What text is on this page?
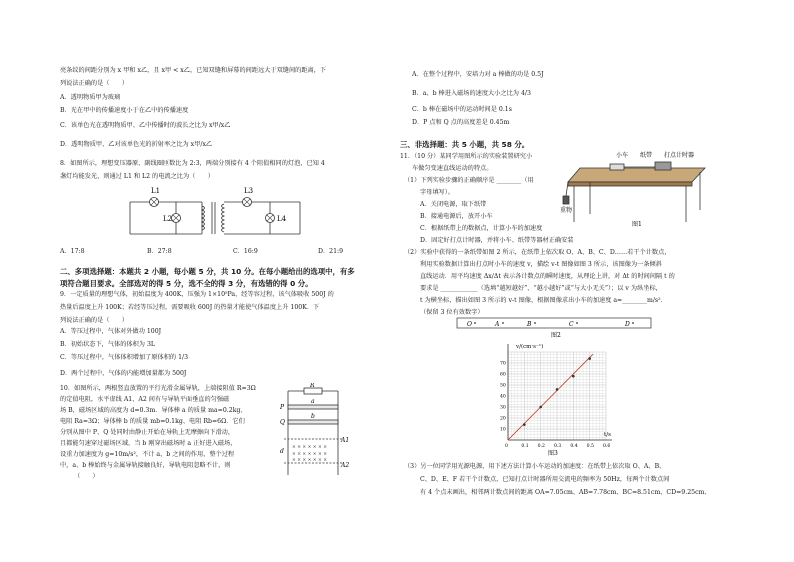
亮条纹的间距分别为 x 甲和 x乙，且 x甲 < x乙，已知双缝和屏幕的间距远大于双缝间的距离，下
列说法正确的是（　　）
A．透明物质甲为玻璃
B．光在甲中的传播速度小于在乙中的传播速度
C．该单色光在透明物质甲、乙中传播时的波长之比为 x甲/x乙
D．透明物质甲、乙对该单色光的折射率之比为 x甲/x乙
8．如图所示，理想变压器原、副线圈匝数比为 2:3，两端分别接有 4 个阻值相同的灯泡，已知 4
盏灯均能发光，则通过 L1 和 L2 的电流之比为（　　）
L1
L2
L3
L4
A．17:8	B．27:8	C．16:9	D．21:9
二、多项选择题：本题共 2 小题，每小题 5 分，共 10 分。在每小题给出的选项中，有多
项符合题目要求。全部选对的得 5 分，选不全的得 3 分，有选错的得 0 分。
9．一定质量的理想气体，初始温度为 400K，压强为 1×10⁵Pa，经等容过程，该气体吸收 500J 的
热量后温度上升 100K；若经等压过程，需要吸收 600J 的热量才能使气体温度上升 100K．下
列说法正确的是（　　）
A．等压过程中，气体对外做功 100J
B．初始状态下，气体的体积为 3L
C．等压过程中，气体体积增加了原体积的 1/3
D．两个过程中，气体的内能增加量都为 500J
10．如图所示，两根竖直放置的平行光滑金属导轨，上端接阻值 R=3Ω
的定值电阻，水平虚线 A1、A2 间有与导轨平面垂直的匀强磁
场 B，磁场区域的高度为 d=0.3m．导体棒 a 的质量 ma=0.2kg、
电阻 Ra=3Ω；导体棒 b 的质量 mb=0.1kg、电阻 Rb=6Ω．它们
分别从图中 P、Q 处同时由静止开始在导轨上无摩擦向下滑动，
且都能匀速穿过磁场区域，当 b 刚穿出磁场时 a 正好进入磁场，
设重力加速度为 g=10m/s²，不计 a、b 之间的作用，整个过程
中，a、b 棒始终与金属导轨接触良好，导轨电阻忽略不计，则
（　　）
× × × × × × ×
× × × × × × ×
× × × × × × ×
R
P
a
Q
b
A1
A2
d
A．在整个过程中，安培力对 a 棒做的功是 0.5J
B．a、b 棒进入磁场的速度大小之比为 4/3
C．b 棒在磁场中的运动时间是 0.1s
D．P 点和 Q 点的高度差是 0.45m
三、非选择题：共 5 小题，共 58 分。
11．（10 分）某同学用图所示的实验装置研究小
车做匀变速直线运动的特点。
（1）下列实验步骤的正确顺序是 ________（用
字母填写）。
A．关闭电源，取下纸带
B．接通电源后，放开小车
C．根据纸带上的数据点，计算小车的加速度
D．固定好打点计时器，并将小车、纸带等器材正确安装
小车 纸带 打点计时器
重物
图1
（2）实验中获得的一条纸带如图 2 所示，在纸带上依次取 O、A、B、C、D……若干个计数点，
利用实验数据计算出打点时小车的速度 v，描绘 v-t 图像如图 3 所示，该图像为一条倾斜
直线运动．用平均速度 Δx/Δt 表示各计数点的瞬时速度，从理论上讲，对 Δt 的时间间隔 t 的
要求是 ____________（选填“越短越好”、“越小越好”或“与大小无关”）；以 v 为纵坐标，
t 为横坐标，描出如图 3 所示的 v-t 图像，根据图像求出小车的加速度 a=________m/s²．
（保留 3 位有效数字）
O	A	B	C	D
图2
0	0.1 0.2 0.3 0.4 0.5 0.6
10
20
30
40
50
60
70
v/(cm·s⁻¹)
t/s
图3
（3）另一位同学用光源电源，用下述方法计算小车运动的加速度：在纸带上依次取 O、A、B、
C、D、E、F 若干个计数点，已知打点计时器所用交流电的频率为 50Hz，每两个计数点间
有 4 个点未画出，相邻两计数点间的距离 OA=7.05cm、AB=7.78cm、BC=8.51cm、CD=9.25cm、
